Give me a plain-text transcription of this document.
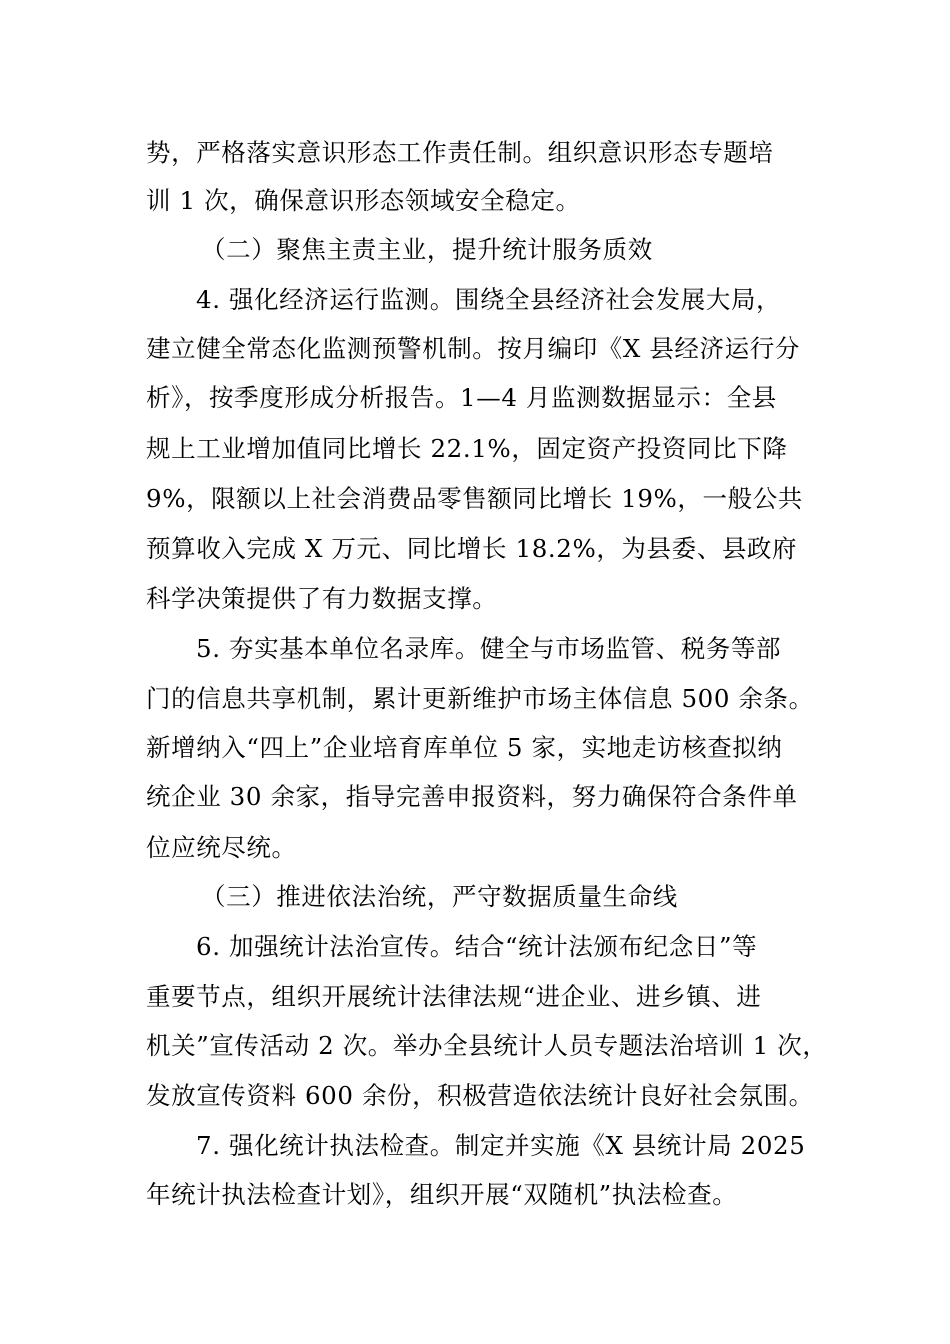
势，严格落实意识形态工作责任制。组织意识形态专题培
训 1 次，确保意识形态领域安全稳定。
（二）聚焦主责主业，提升统计服务质效
4. 强化经济运行监测。围绕全县经济社会发展大局，
建立健全常态化监测预警机制。按月编印《X 县经济运行分
析》，按季度形成分析报告。1—4 月监测数据显示：全县
规上工业增加值同比增长 22.1%，固定资产投资同比下降
9%，限额以上社会消费品零售额同比增长 19%，一般公共
预算收入完成 X 万元、同比增长 18.2%，为县委、县政府
科学决策提供了有力数据支撑。
5. 夯实基本单位名录库。健全与市场监管、税务等部
门的信息共享机制，累计更新维护市场主体信息 500 余条。
新增纳入“四上”企业培育库单位 5 家，实地走访核查拟纳
统企业 30 余家，指导完善申报资料，努力确保符合条件单
位应统尽统。
（三）推进依法治统，严守数据质量生命线
6. 加强统计法治宣传。结合“统计法颁布纪念日”等
重要节点，组织开展统计法律法规“进企业、进乡镇、进
机关”宣传活动 2 次。举办全县统计人员专题法治培训 1 次，
发放宣传资料 600 余份，积极营造依法统计良好社会氛围。
7. 强化统计执法检查。制定并实施《X 县统计局 2025
年统计执法检查计划》，组织开展“双随机”执法检查。
